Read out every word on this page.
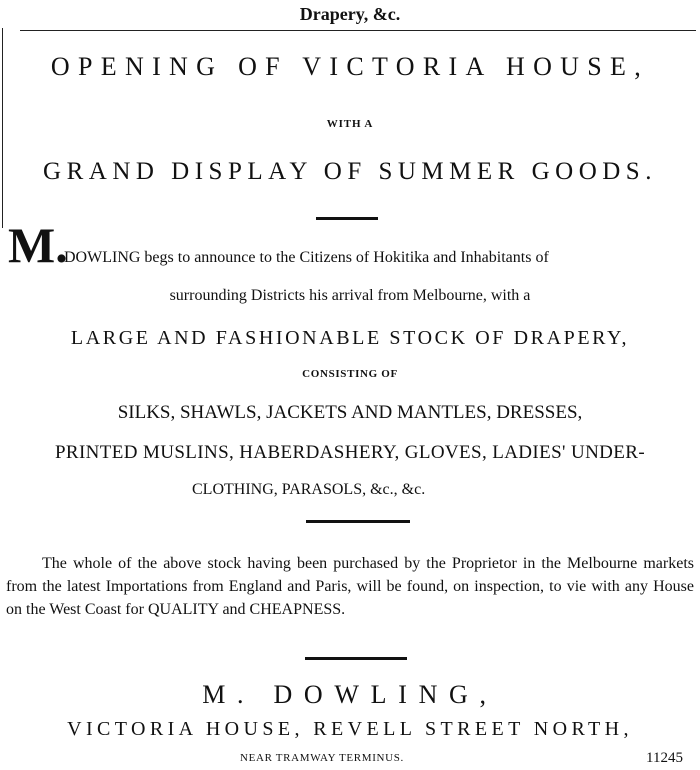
Drapery, &c.
OPENING OF VICTORIA HOUSE,
WITH A
GRAND DISPLAY OF SUMMER GOODS.
M.
DOWLING begs to announce to the Citizens of Hokitika and Inhabitants of
surrounding Districts his arrival from Melbourne, with a
LARGE AND FASHIONABLE STOCK OF DRAPERY,
CONSISTING OF
SILKS, SHAWLS, JACKETS AND MANTLES, DRESSES,
PRINTED MUSLINS, HABERDASHERY, GLOVES, LADIES' UNDER-
CLOTHING, PARASOLS, &c., &c.
The whole of the above stock having been purchased by the Proprietor in the Melbourne markets from the latest Importations from England and Paris, will be found, on inspection, to vie with any House on the West Coast for QUALITY and CHEAPNESS.
M. DOWLING,
VICTORIA HOUSE, REVELL STREET NORTH,
NEAR TRAMWAY TERMINUS.	11245
